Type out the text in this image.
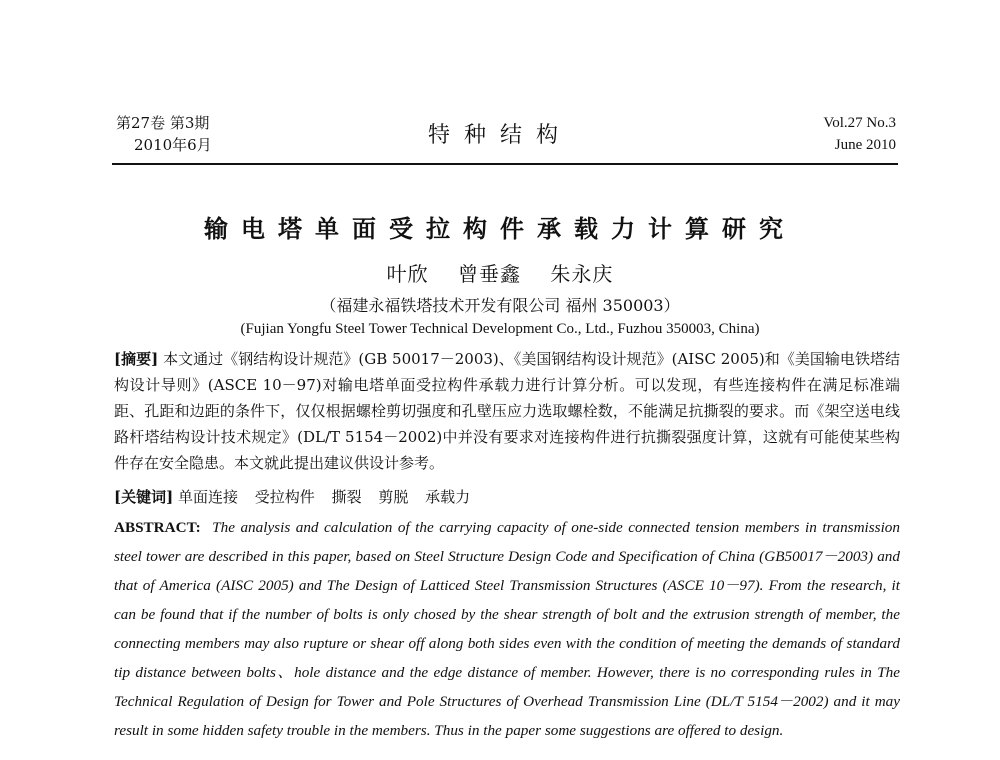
第27卷 第3期
2010年6月	特种结构	Vol.27 No.3
June 2010
输电塔单面受拉构件承载力计算研究
叶欣 曾垂鑫 朱永庆
（福建永福铁塔技术开发有限公司 福州 350003）
(Fujian Yongfu Steel Tower Technical Development Co., Ltd., Fuzhou 350003, China)
[摘要] 本文通过《钢结构设计规范》(GB 50017－2003)、《美国钢结构设计规范》(AISC 2005)和《美国输电铁塔结构设计导则》(ASCE 10－97)对输电塔单面受拉构件承载力进行计算分析。可以发现，有些连接构件在满足标准端距、孔距和边距的条件下，仅仅根据螺栓剪切强度和孔壁压应力选取螺栓数，不能满足抗撕裂的要求。而《架空送电线路杆塔结构设计技术规定》(DL/T 5154－2002)中并没有要求对连接构件进行抗撕裂强度计算，这就有可能使某些构件存在安全隐患。本文就此提出建议供设计参考。
[关键词] 单面连接 受拉构件 撕裂 剪脱 承载力
ABSTRACT: The analysis and calculation of the carrying capacity of one-side connected tension members in transmission steel tower are described in this paper, based on Steel Structure Design Code and Specification of China (GB50017－2003) and that of America (AISC 2005) and The Design of Latticed Steel Transmission Structures (ASCE 10－97). From the research, it can be found that if the number of bolts is only chosed by the shear strength of bolt and the extrusion strength of member, the connecting members may also rupture or shear off along both sides even with the condition of meeting the demands of standard tip distance between bolts、hole distance and the edge distance of member. However, there is no corresponding rules in The Technical Regulation of Design for Tower and Pole Structures of Overhead Transmission Line (DL/T 5154－2002) and it may result in some hidden safety trouble in the members. Thus in the paper some suggestions are offered to design.
